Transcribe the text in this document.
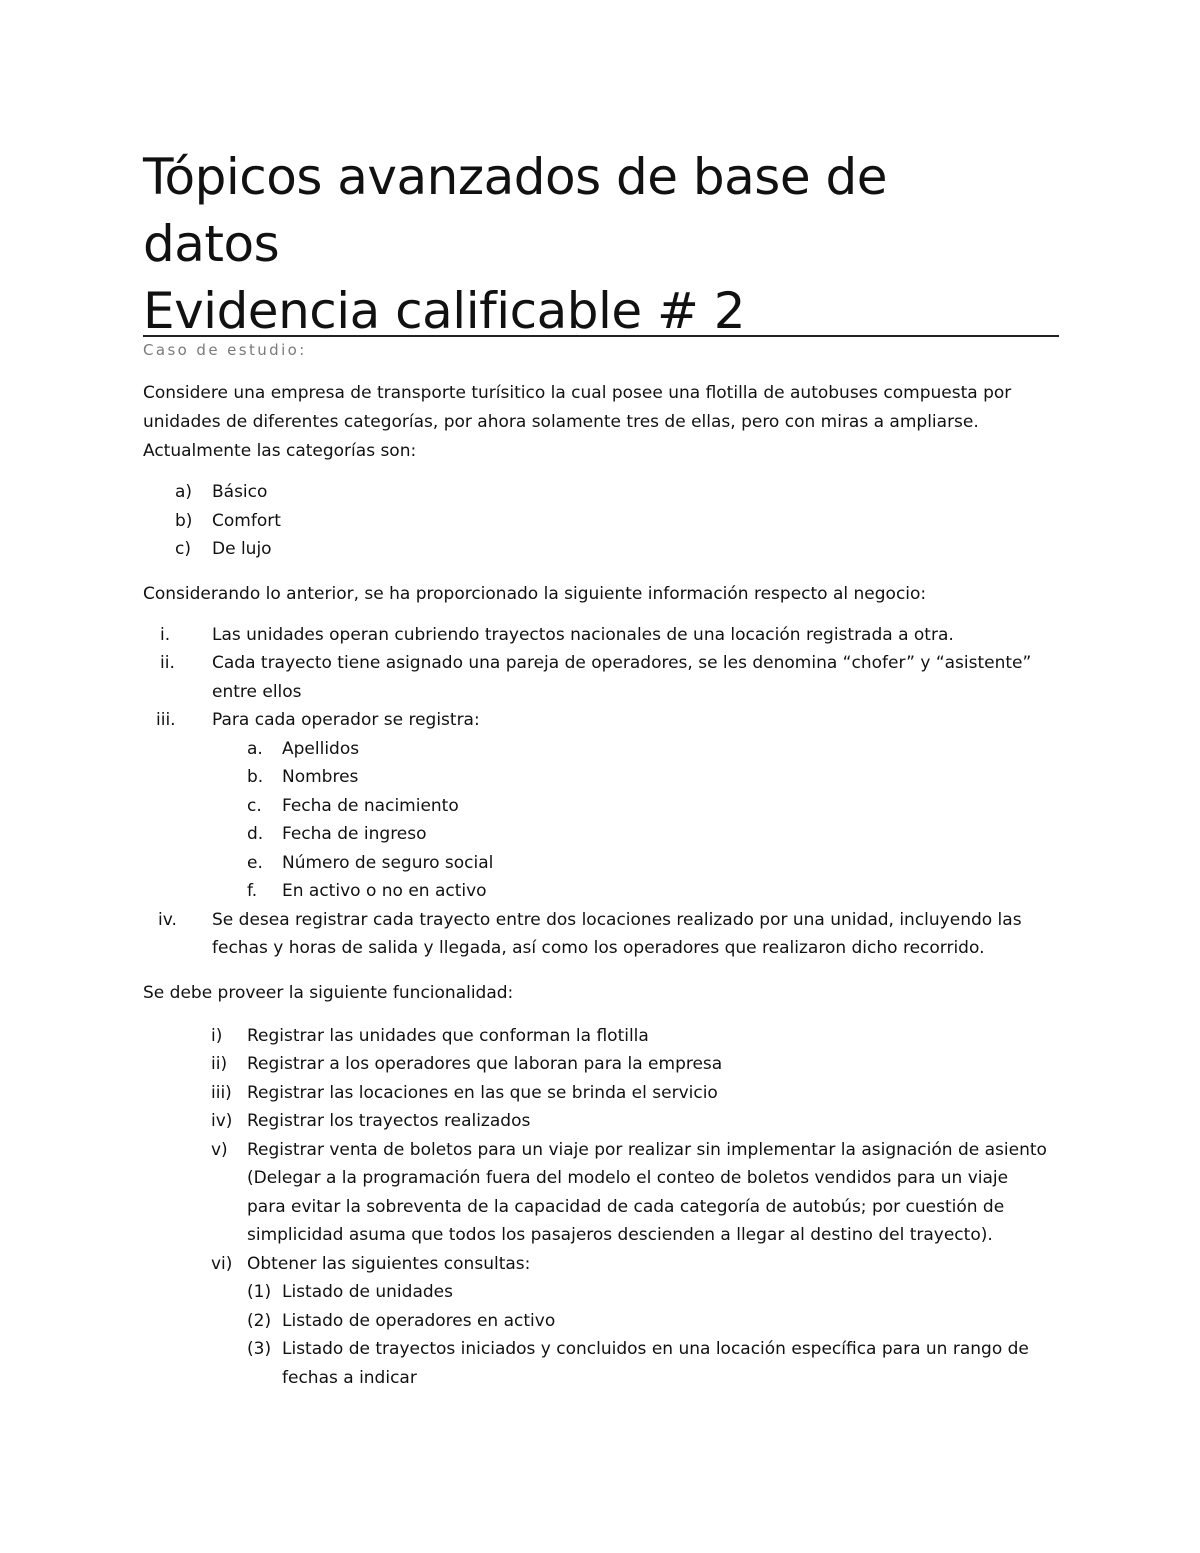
Tópicos avanzados de base de
datos
Evidencia calificable # 2
Caso de estudio:

Considere una empresa de transporte turísitico la cual posee una flotilla de autobuses compuesta por

unidades de diferentes categorías, por ahora solamente tres de ellas, pero con miras a ampliarse.

Actualmente las categorías son:

a) Básico
b) Comfort
c) De lujo

Considerando lo anterior, se ha proporcionado la siguiente información respecto al negocio:

i. Las unidades operan cubriendo trayectos nacionales de una locación registrada a otra.
ii. Cada trayecto tiene asignado una pareja de operadores, se les denomina “chofer” y “asistente”
entre ellos
iii. Para cada operador se registra:
a. Apellidos
b. Nombres
c. Fecha de nacimiento
d. Fecha de ingreso
e. Número de seguro social
f. En activo o no en activo
iv. Se desea registrar cada trayecto entre dos locaciones realizado por una unidad, incluyendo las
fechas y horas de salida y llegada, así como los operadores que realizaron dicho recorrido.

Se debe proveer la siguiente funcionalidad:

i) Registrar las unidades que conforman la flotilla
ii) Registrar a los operadores que laboran para la empresa
iii) Registrar las locaciones en las que se brinda el servicio
iv) Registrar los trayectos realizados
v) Registrar venta de boletos para un viaje por realizar sin implementar la asignación de asiento
(Delegar a la programación fuera del modelo el conteo de boletos vendidos para un viaje
para evitar la sobreventa de la capacidad de cada categoría de autobús; por cuestión de
simplicidad asuma que todos los pasajeros descienden a llegar al destino del trayecto).
vi) Obtener las siguientes consultas:
(1) Listado de unidades
(2) Listado de operadores en activo
(3) Listado de trayectos iniciados y concluidos en una locación específica para un rango de
fechas a indicar
